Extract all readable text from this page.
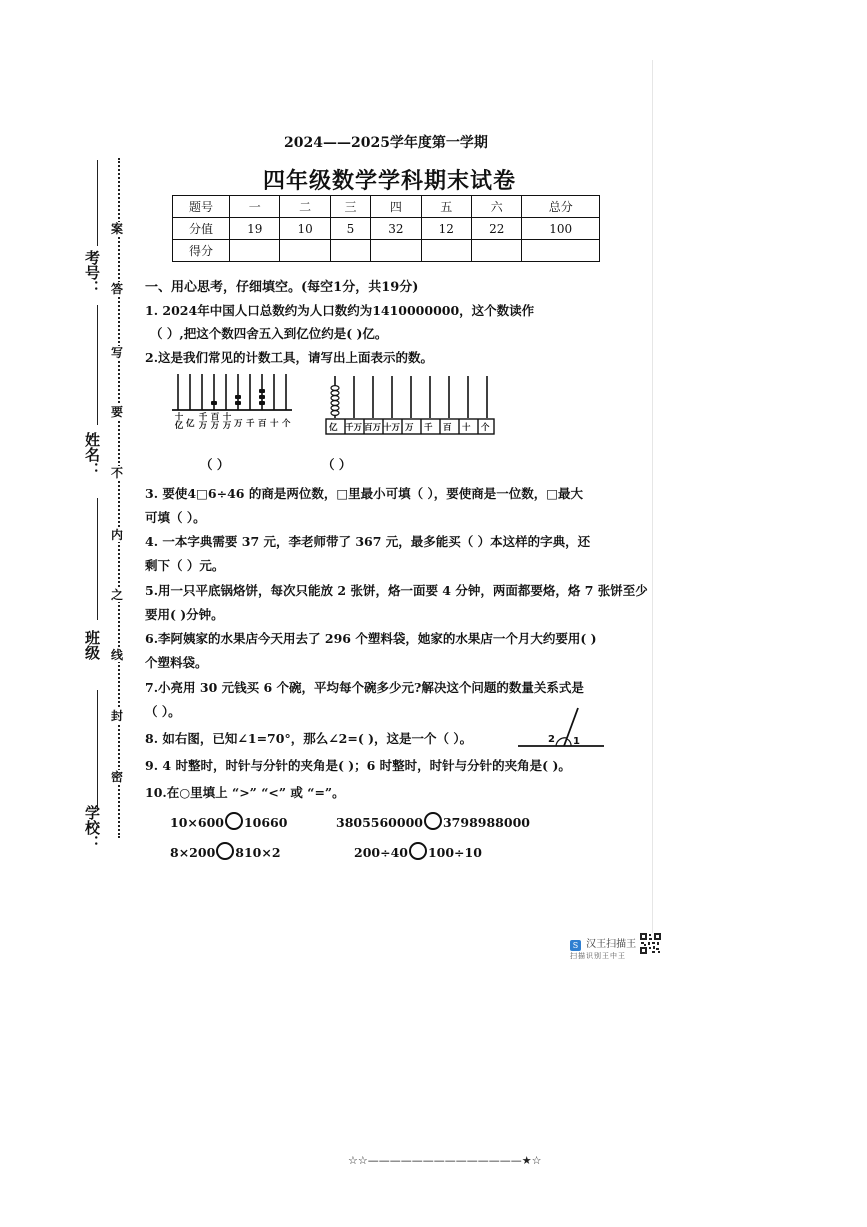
考号：
姓名：
班级
学校：
案
答
写
要
不
内
之
线
封
密
2024——2025学年度第一学期
四年级数学学科期末试卷
题号	一	二	三	四	五	六	总分
分值	19	10	5	32	12	22	100
得分							
一、用心思考，仔细填空。(每空1分，共19分)
1. 2024年中国人口总数约为人口数约为1410000000，这个数读作
（ ）,把这个数四舍五入到亿位约是( )亿。
2.这是我们常见的计数工具，请写出上面表示的数。
十亿 亿 千万 百万 十万 万 千 百 十 个	亿 千万 百万 十万 万 千 百 十 个
（ ）	（ ）
3. 要使4□6÷46 的商是两位数，□里最小可填（ ），要使商是一位数，□最大
可填（ ）。
4. 一本字典需要 37 元，李老师带了 367 元，最多能买（ ）本这样的字典，还
剩下（ ）元。
5.用一只平底锅烙饼，每次只能放 2 张饼，烙一面要 4 分钟，两面都要烙，烙 7 张饼至少
要用( )分钟。
6.李阿姨家的水果店今天用去了 296 个塑料袋，她家的水果店一个月大约要用( )
个塑料袋。
7.小亮用 30 元钱买 6 个碗，平均每个碗多少元?解决这个问题的数量关系式是
（ ）。
8. 如右图，已知∠1=70°，那么∠2=( )，这是一个（ ）。	2 1
9. 4 时整时，时针与分针的夹角是( )；6 时整时，时针与分针的夹角是( )。
10.在○里填上 “>” “<” 或 “=”。
10×600 10660	3805560000 3798988000
8×200 810×2	200÷40 100÷10
S 汉王扫描王
扫描识别王中王
☆☆——————————————★☆
